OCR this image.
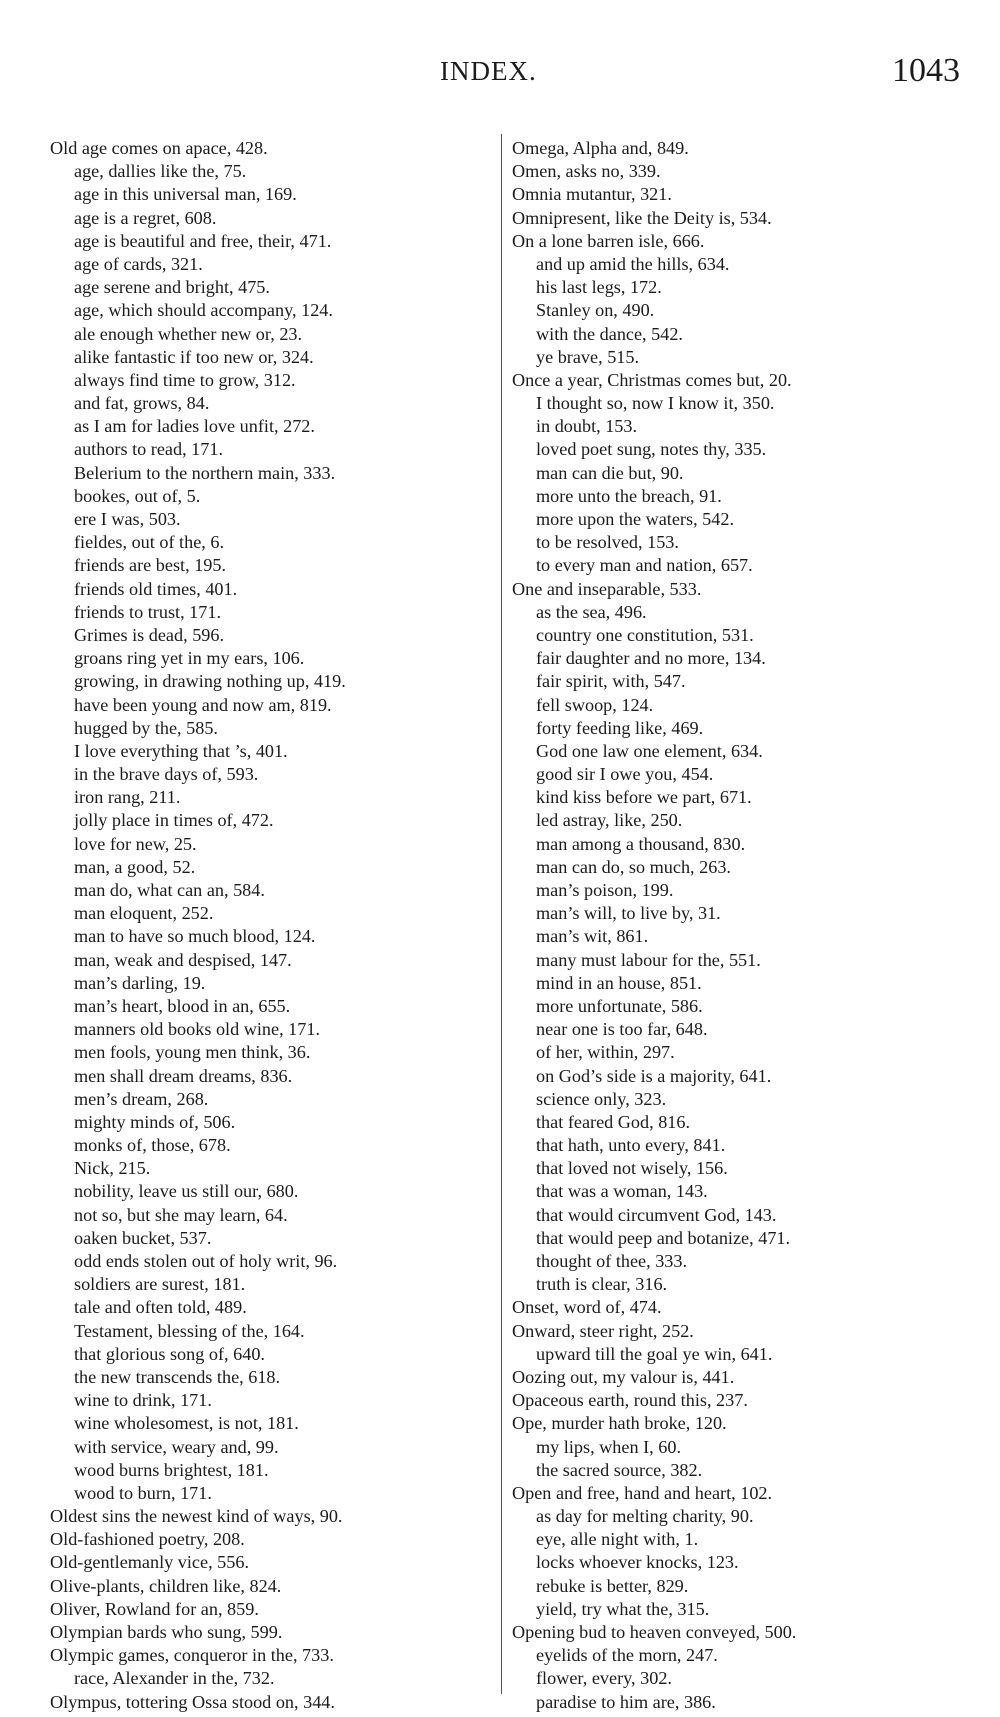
INDEX.	1043
Old age comes on apace, 428.
age, dallies like the, 75.
age in this universal man, 169.
age is a regret, 608.
age is beautiful and free, their, 471.
age of cards, 321.
age serene and bright, 475.
age, which should accompany, 124.
ale enough whether new or, 23.
alike fantastic if too new or, 324.
always find time to grow, 312.
and fat, grows, 84.
as I am for ladies love unfit, 272.
authors to read, 171.
Belerium to the northern main, 333.
bookes, out of, 5.
ere I was, 503.
fieldes, out of the, 6.
friends are best, 195.
friends old times, 401.
friends to trust, 171.
Grimes is dead, 596.
groans ring yet in my ears, 106.
growing, in drawing nothing up, 419.
have been young and now am, 819.
hugged by the, 585.
I love everything that ’s, 401.
in the brave days of, 593.
iron rang, 211.
jolly place in times of, 472.
love for new, 25.
man, a good, 52.
man do, what can an, 584.
man eloquent, 252.
man to have so much blood, 124.
man, weak and despised, 147.
man’s darling, 19.
man’s heart, blood in an, 655.
manners old books old wine, 171.
men fools, young men think, 36.
men shall dream dreams, 836.
men’s dream, 268.
mighty minds of, 506.
monks of, those, 678.
Nick, 215.
nobility, leave us still our, 680.
not so, but she may learn, 64.
oaken bucket, 537.
odd ends stolen out of holy writ, 96.
soldiers are surest, 181.
tale and often told, 489.
Testament, blessing of the, 164.
that glorious song of, 640.
the new transcends the, 618.
wine to drink, 171.
wine wholesomest, is not, 181.
with service, weary and, 99.
wood burns brightest, 181.
wood to burn, 171.
Oldest sins the newest kind of ways, 90.
Old-fashioned poetry, 208.
Old-gentlemanly vice, 556.
Olive-plants, children like, 824.
Oliver, Rowland for an, 859.
Olympian bards who sung, 599.
Olympic games, conqueror in the, 733.
race, Alexander in the, 732.
Olympus, tottering Ossa stood on, 344.
Omega, Alpha and, 849.
Omen, asks no, 339.
Omnia mutantur, 321.
Omnipresent, like the Deity is, 534.
On a lone barren isle, 666.
and up amid the hills, 634.
his last legs, 172.
Stanley on, 490.
with the dance, 542.
ye brave, 515.
Once a year, Christmas comes but, 20.
I thought so, now I know it, 350.
in doubt, 153.
loved poet sung, notes thy, 335.
man can die but, 90.
more unto the breach, 91.
more upon the waters, 542.
to be resolved, 153.
to every man and nation, 657.
One and inseparable, 533.
as the sea, 496.
country one constitution, 531.
fair daughter and no more, 134.
fair spirit, with, 547.
fell swoop, 124.
forty feeding like, 469.
God one law one element, 634.
good sir I owe you, 454.
kind kiss before we part, 671.
led astray, like, 250.
man among a thousand, 830.
man can do, so much, 263.
man’s poison, 199.
man’s will, to live by, 31.
man’s wit, 861.
many must labour for the, 551.
mind in an house, 851.
more unfortunate, 586.
near one is too far, 648.
of her, within, 297.
on God’s side is a majority, 641.
science only, 323.
that feared God, 816.
that hath, unto every, 841.
that loved not wisely, 156.
that was a woman, 143.
that would circumvent God, 143.
that would peep and botanize, 471.
thought of thee, 333.
truth is clear, 316.
Onset, word of, 474.
Onward, steer right, 252.
upward till the goal ye win, 641.
Oozing out, my valour is, 441.
Opaceous earth, round this, 237.
Ope, murder hath broke, 120.
my lips, when I, 60.
the sacred source, 382.
Open and free, hand and heart, 102.
as day for melting charity, 90.
eye, alle night with, 1.
locks whoever knocks, 123.
rebuke is better, 829.
yield, try what the, 315.
Opening bud to heaven conveyed, 500.
eyelids of the morn, 247.
flower, every, 302.
paradise to him are, 386.
